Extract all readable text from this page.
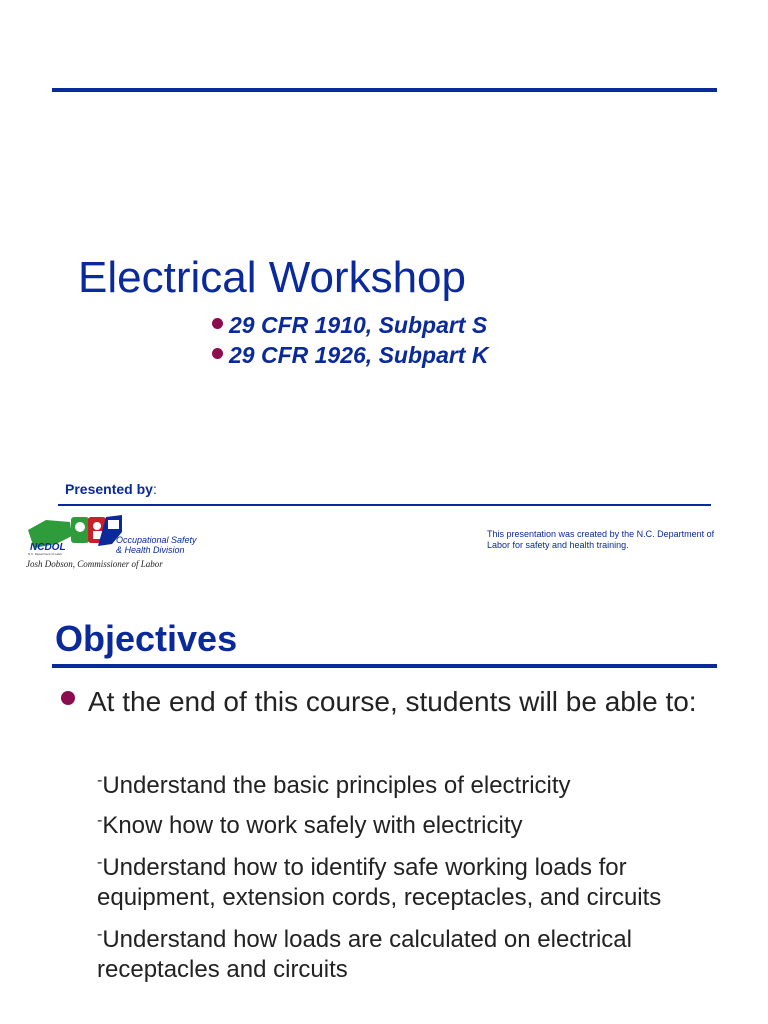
Electrical Workshop
29 CFR 1910, Subpart S
29 CFR 1926, Subpart K
Presented by:
NCDOL
Occupational Safety
& Health Division
N.C. Department of Labor
Josh Dobson, Commissioner of Labor
This presentation was created by the N.C. Department of Labor for safety and health training.
Objectives
At the end of this course, students will be able to:
-Understand the basic principles of electricity
-Know how to work safely with electricity
-Understand how to identify safe working loads for equipment, extension cords, receptacles, and circuits
-Understand how loads are calculated on electrical receptacles and circuits
